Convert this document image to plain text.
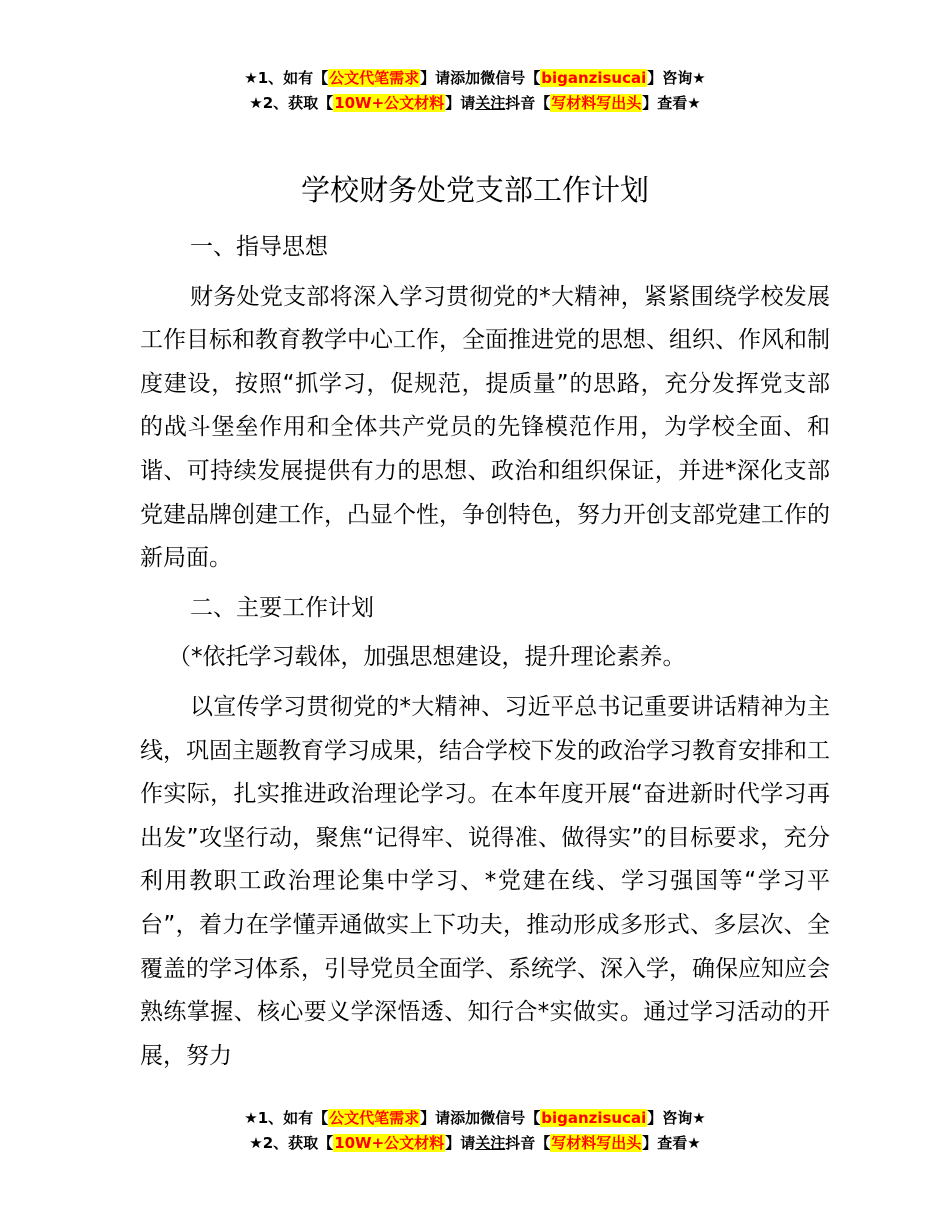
★1、如有【公文代笔需求】请添加微信号【biganzisucai】咨询★
★2、获取【10W+公文材料】请关注抖音【写材料写出头】查看★
学校财务处党支部工作计划

一、指导思想

财务处党支部将深入学习贯彻党的*大精神，紧紧围绕学校发展工作目标和教育教学中心工作，全面推进党的思想、组织、作风和制度建设，按照“抓学习，促规范，提质量”的思路，充分发挥党支部的战斗堡垒作用和全体共产党员的先锋模范作用，为学校全面、和谐、可持续发展提供有力的思想、政治和组织保证，并进*深化支部党建品牌创建工作，凸显个性，争创特色，努力开创支部党建工作的新局面。

二、主要工作计划

（*依托学习载体，加强思想建设，提升理论素养。

以宣传学习贯彻党的*大精神、习近平总书记重要讲话精神为主线，巩固主题教育学习成果，结合学校下发的政治学习教育安排和工作实际，扎实推进政治理论学习。在本年度开展“奋进新时代学习再出发”攻坚行动，聚焦“记得牢、说得准、做得实”的目标要求，充分利用教职工政治理论集中学习、*党建在线、学习强国等“学习平台”，着力在学懂弄通做实上下功夫，推动形成多形式、多层次、全覆盖的学习体系，引导党员全面学、系统学、深入学，确保应知应会熟练掌握、核心要义学深悟透、知行合*实做实。通过学习活动的开展，努力

★1、如有【公文代笔需求】请添加微信号【biganzisucai】咨询★
★2、获取【10W+公文材料】请关注抖音【写材料写出头】查看★
